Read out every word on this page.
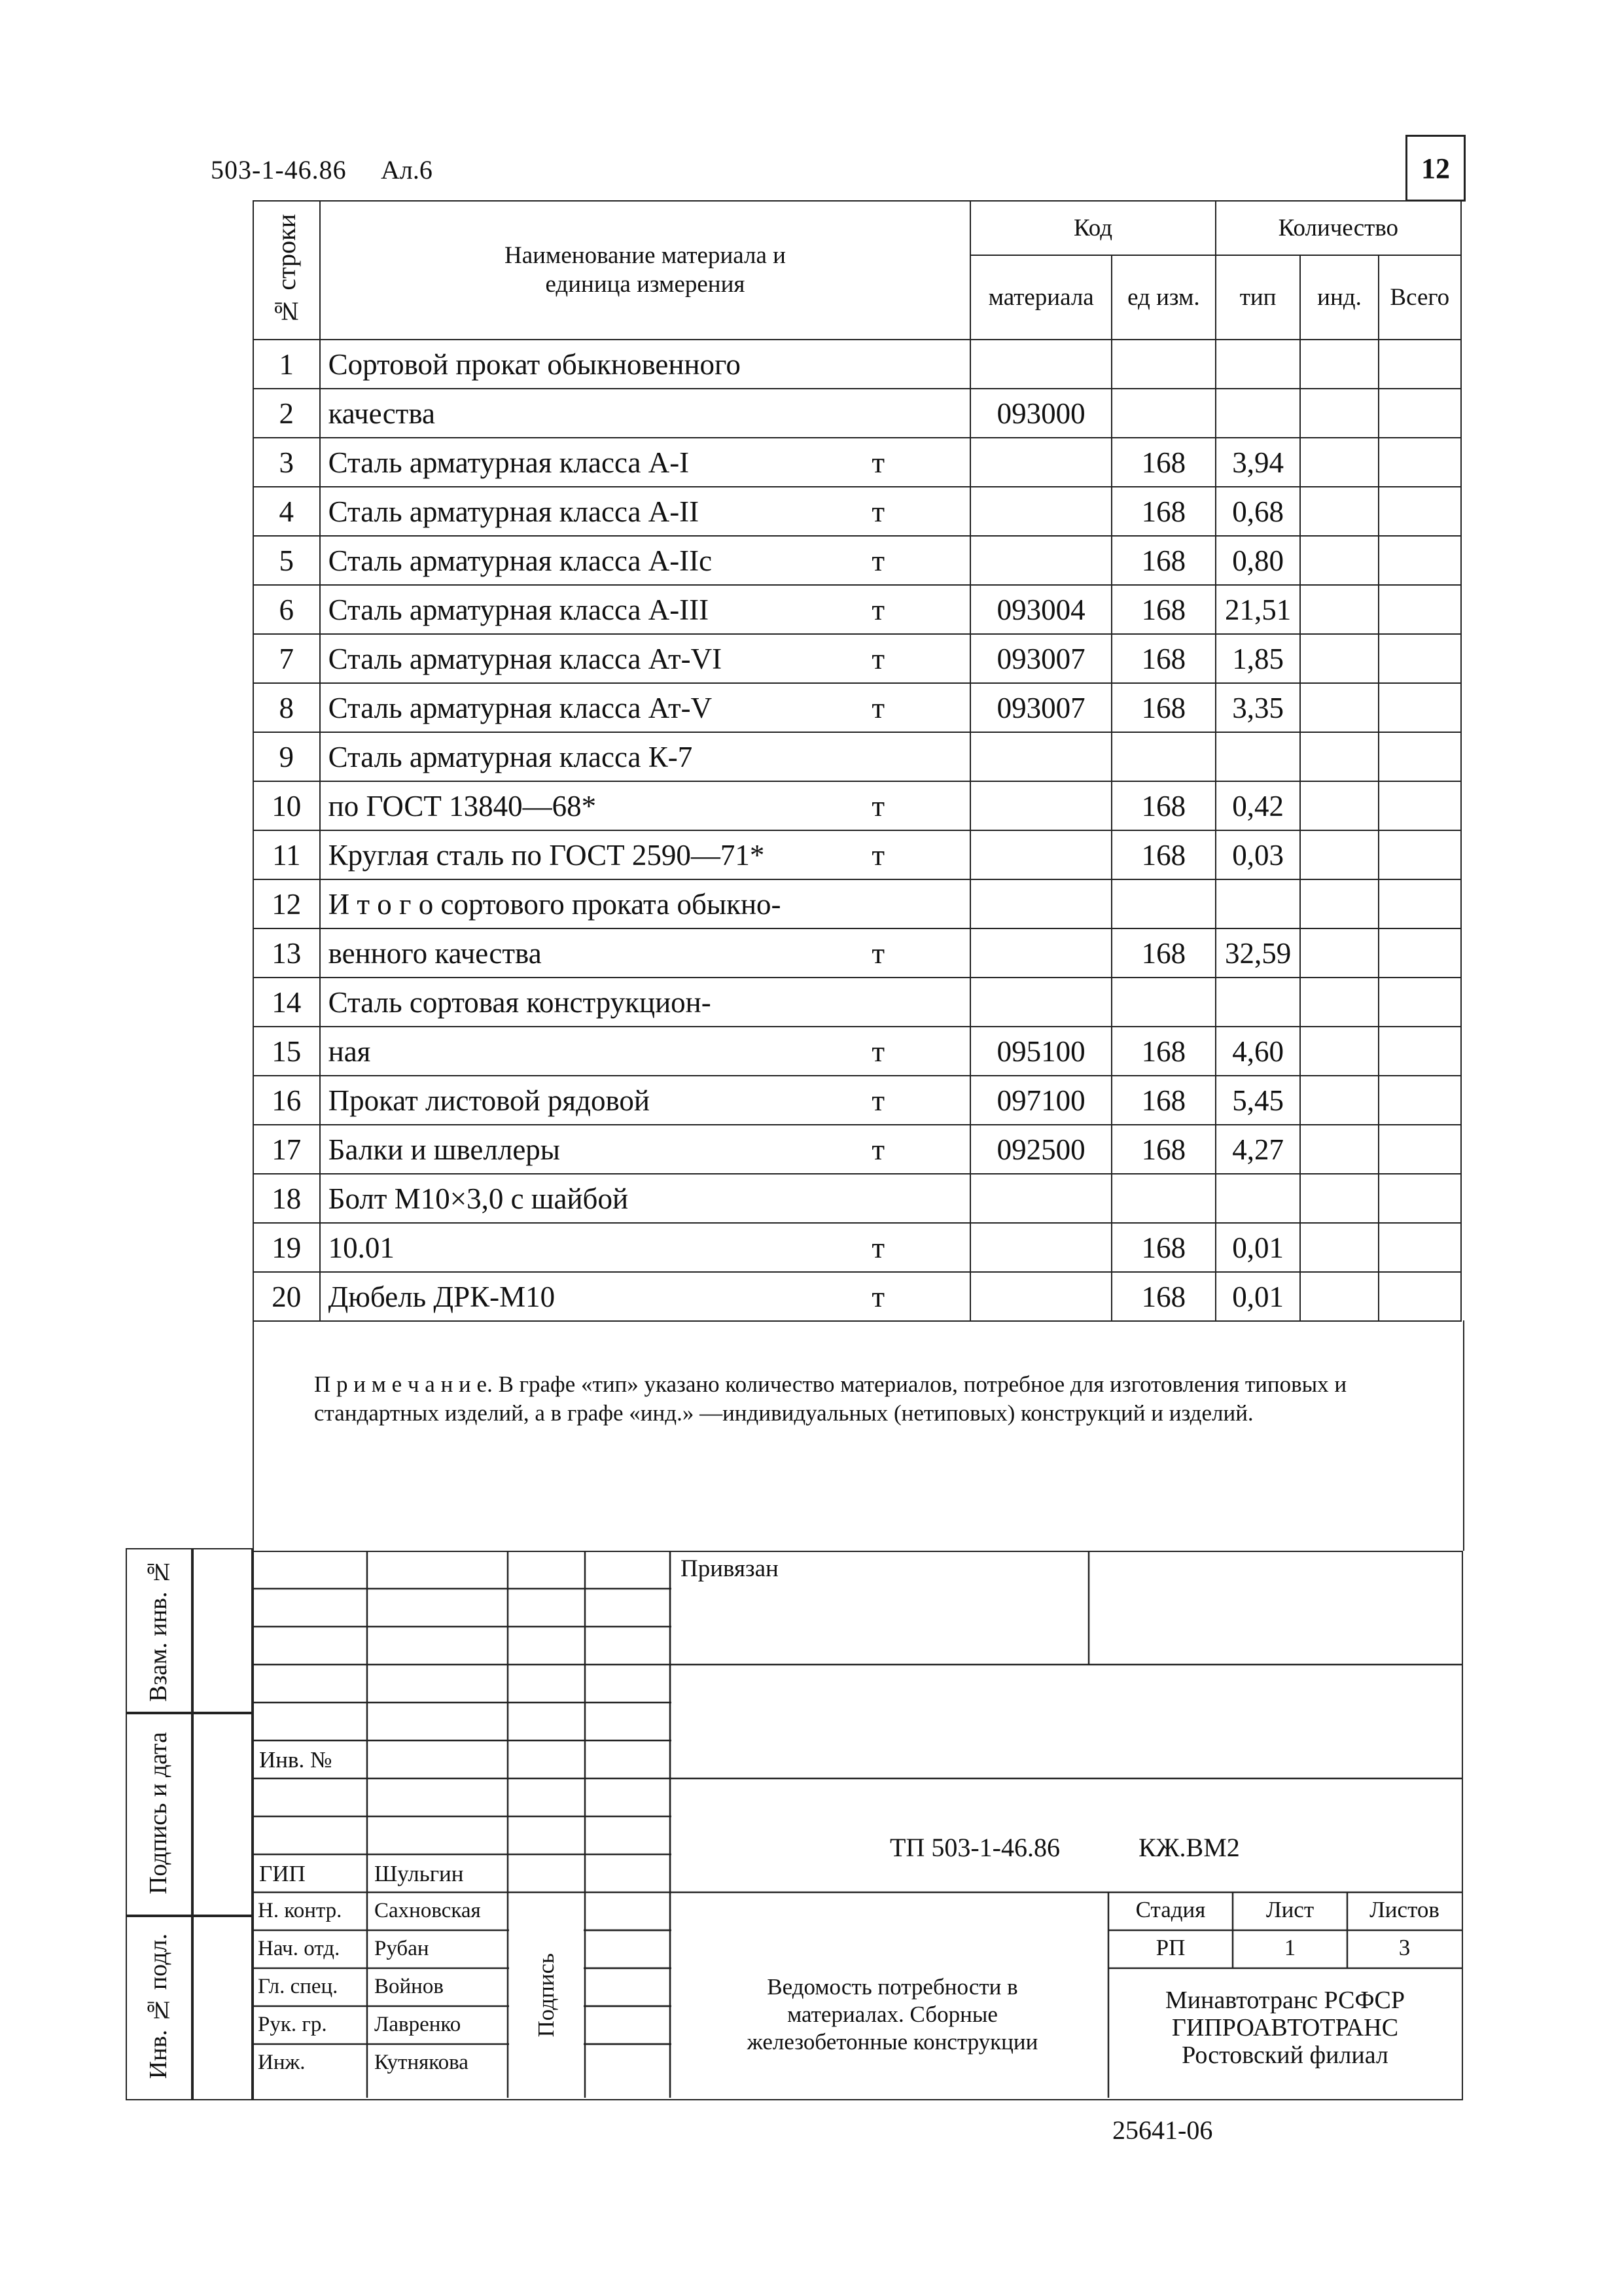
503-1-46.86 Ал.6	12
№ строки	Наименование материала и единица измерения	Код		Количество		
		материала	ед изм.	тип	инд.	Всего
1	Сортовой прокат обыкновенного					

2	качества	093000				
3	Сталь арматурная класса А-I т		168	3,94		
4	Сталь арматурная класса А-II т		168	0,68		
5	Сталь арматурная класса А-IIc т		168	0,80		
6	Сталь арматурная класса А-III т	093004	168	21,51		
7	Сталь арматурная класса Ат-VI т	093007	168	1,85		
8	Сталь арматурная класса Ат-V т	093007	168	3,35		
9	Сталь арматурная класса К-7					

10	по ГОСТ 13840—68* т		168	0,42		
11	Круглая сталь по ГОСТ 2590—71* т		168	0,03		
12	И т о г о сортового проката обыкно-					

13	венного качества т		168	32,59		
14	Сталь сортовая конструкцион-					

15	ная т	095100	168	4,60		
16	Прокат листовой рядовой т	097100	168	5,45		
17	Балки и швеллеры т	092500	168	4,27		
18	Болт М10×3,0 с шайбой					

19	10.01 т		168	0,01		
20	Дюбель ДРК-М10 т		168	0,01		
П р и м е ч а н и е. В графе «тип» указано количество материалов, потребное для изготовления типовых и стандартных изделий, а в графе «инд.» —индивидуальных (нетиповых) конструкций и изделий.
Взам. инв. №
Подпись и дата
Инв. № подл.
Инв. №
ГИП	Шульгин
Н. контр. Сахновская
Нач. отд. Рубан
Гл. спец. Войнов
Рук. гр. Лавренко
Инж.	Кутнякова
Подпись
Привязан
ТП 503-1-46.86	КЖ.ВМ2
Ведомость потребности в материалах. Сборные железобетонные конструкции
Стадия	Лист	Листов
РП	1	3
Минавтотранс РСФСР
ГИПРОАВТОТРАНС
Ростовский филиал
25641-06
